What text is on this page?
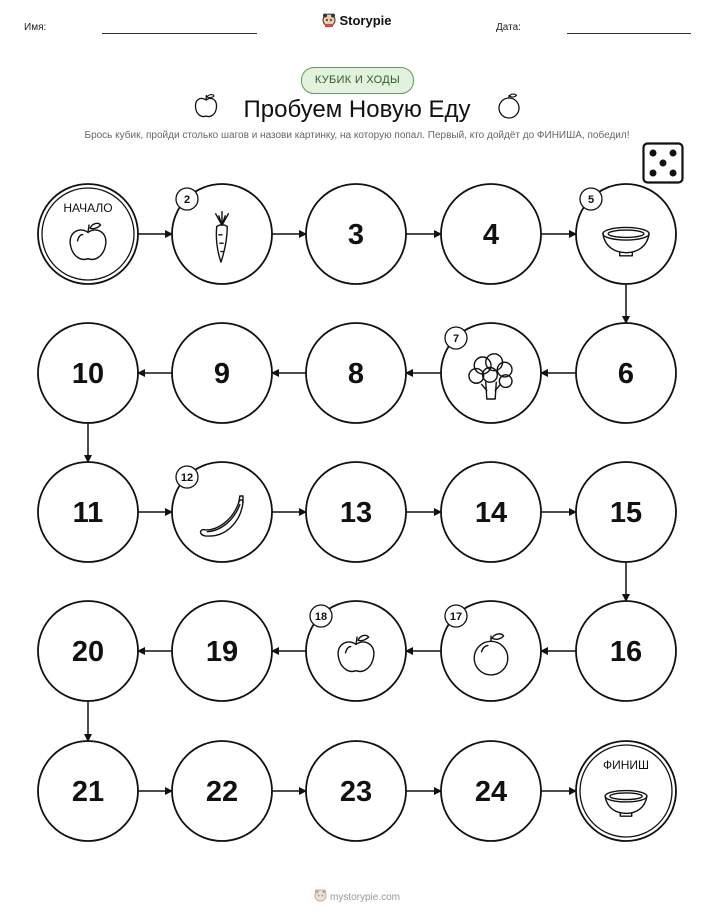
Имя:	Storypie	Дата:
КУБИК И ХОДЫ
Пробуем Новую Еду
Брось кубик, пройди столько шагов и назови картинку, на которую попал. Первый, кто дойдёт до ФИНИША, победил!
НАЧАЛО
2
3	4
5
6
7
8
9
10
11
12
13	14	15
16
17
18
19
20
21	22	23	24
ФИНИШ
mystorypie.com
